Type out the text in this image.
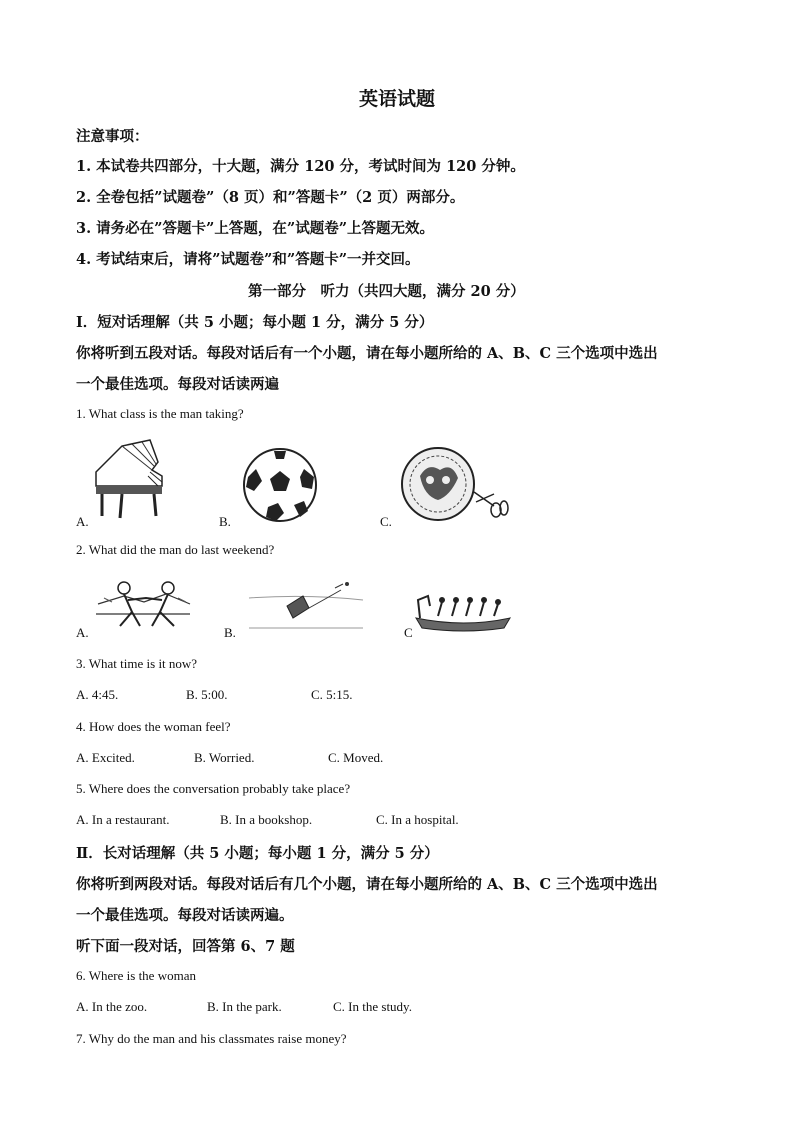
英语试题
注意事项：
1. 本试卷共四部分，十大题，满分 120 分，考试时间为 120 分钟。
2. 全卷包括”试题卷”（8 页）和”答题卡”（2 页）两部分。
3. 请务必在”答题卡”上答题，在”试题卷”上答题无效。
4. 考试结束后，请将”试题卷”和”答题卡”一并交回。
第一部分　听力（共四大题，满分 20 分）
Ⅰ．短对话理解（共 5 小题；每小题 1 分，满分 5 分）
你将听到五段对话。每段对话后有一个小题，请在每小题所给的 A、B、C 三个选项中选出
一个最佳选项。每段对话读两遍
1. What class is the man taking?
A.	B.	C.
2. What did the man do last weekend?
A.	B.	C
3. What time is it now?
A. 4:45.	B. 5:00.	C. 5:15.
4. How does the woman feel?
A. Excited.	B. Worried.	C. Moved.
5. Where does the conversation probably take place?
A. In a restaurant.	B. In a bookshop.	C. In a hospital.
Ⅱ．长对话理解（共 5 小题；每小题 1 分，满分 5 分）
你将听到两段对话。每段对话后有几个小题，请在每小题所给的 A、B、C 三个选项中选出
一个最佳选项。每段对话读两遍。
听下面一段对话，回答第 6、7 题
6. Where is the woman
A. In the zoo.	B. In the park.	C. In the study.
7. Why do the man and his classmates raise money?
